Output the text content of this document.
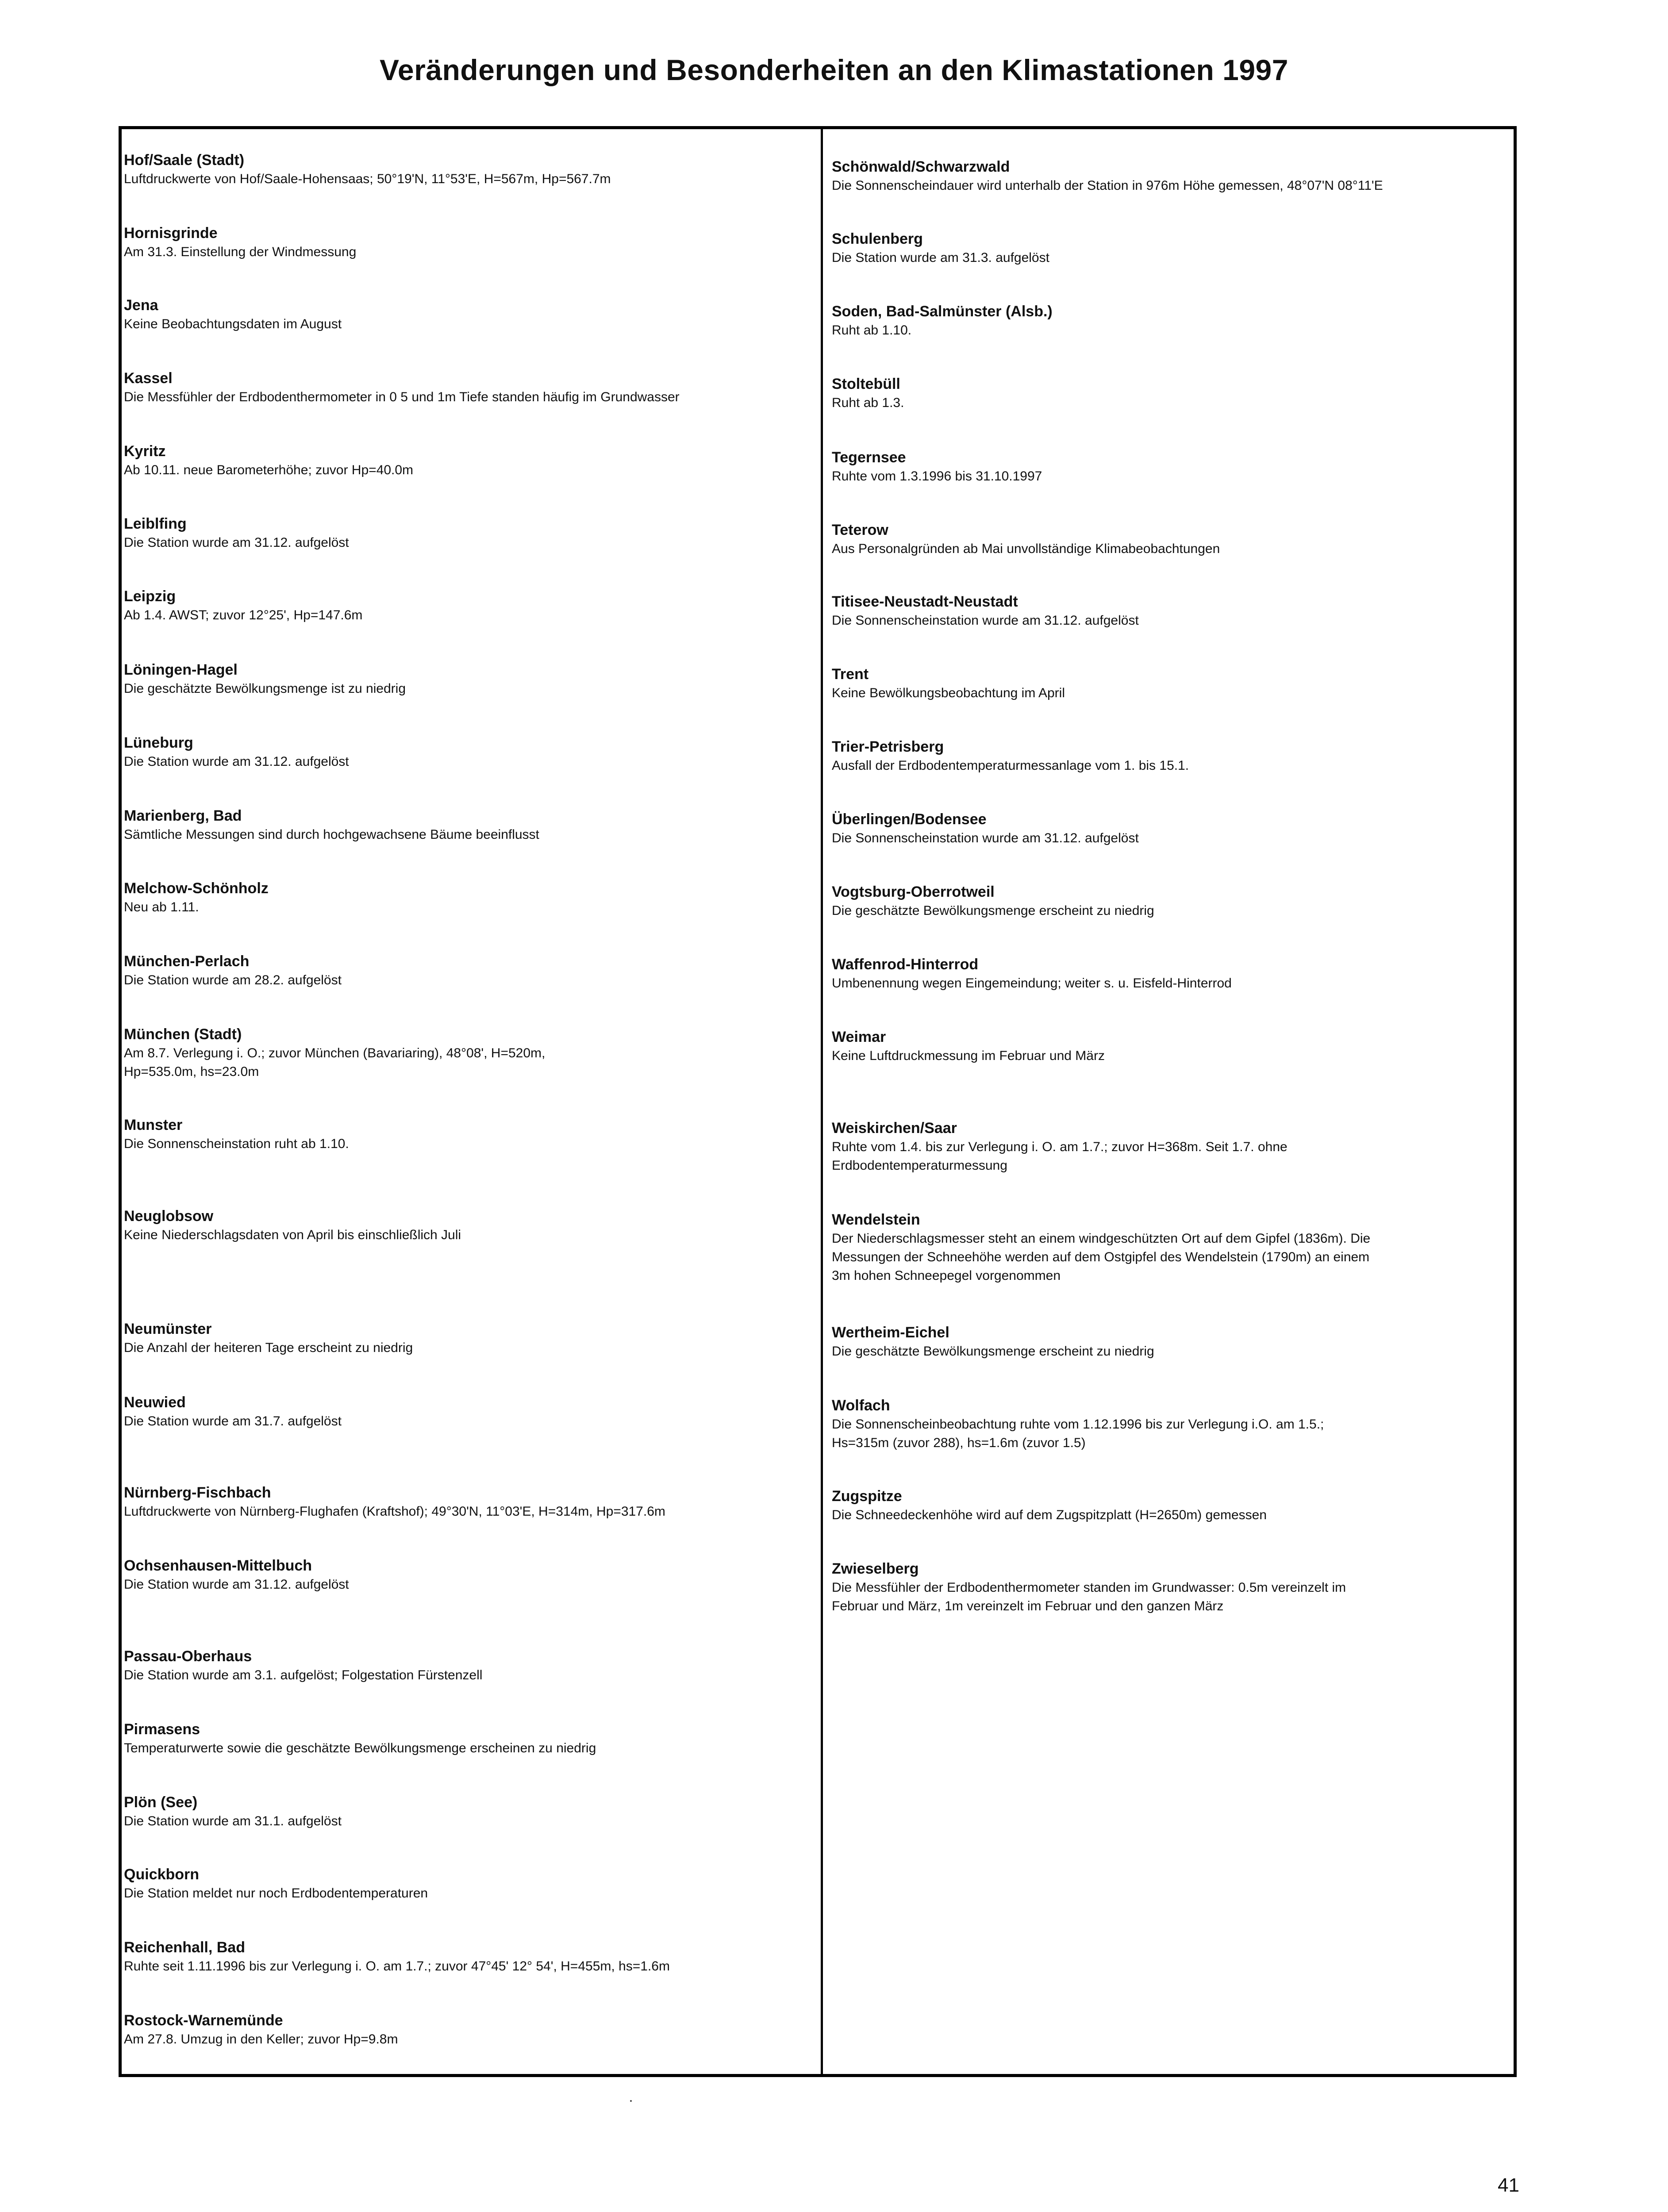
Veränderungen und Besonderheiten an den Klimastationen 1997
Hof/Saale (Stadt)
Luftdruckwerte von Hof/Saale-Hohensaas; 50°19'N, 11°53'E, H=567m, Hp=567.7m
Hornisgrinde
Am 31.3. Einstellung der Windmessung
Jena
Keine Beobachtungsdaten im August
Kassel
Die Messfühler der Erdbodenthermometer in 0 5 und 1m Tiefe standen häufig im Grundwasser
Kyritz
Ab 10.11. neue Barometerhöhe; zuvor Hp=40.0m
Leiblfing
Die Station wurde am 31.12. aufgelöst
Leipzig
Ab 1.4. AWST; zuvor 12°25', Hp=147.6m
Löningen-Hagel
Die geschätzte Bewölkungsmenge ist zu niedrig
Lüneburg
Die Station wurde am 31.12. aufgelöst
Marienberg, Bad
Sämtliche Messungen sind durch hochgewachsene Bäume beeinflusst
Melchow-Schönholz
Neu ab 1.11.
München-Perlach
Die Station wurde am 28.2. aufgelöst
München (Stadt)
Am 8.7. Verlegung i. O.; zuvor München (Bavariaring), 48°08', H=520m,
Hp=535.0m, hs=23.0m
Munster
Die Sonnenscheinstation ruht ab 1.10.
Neuglobsow
Keine Niederschlagsdaten von April bis einschließlich Juli
Neumünster
Die Anzahl der heiteren Tage erscheint zu niedrig
Neuwied
Die Station wurde am 31.7. aufgelöst
Nürnberg-Fischbach
Luftdruckwerte von Nürnberg-Flughafen (Kraftshof); 49°30'N, 11°03'E, H=314m, Hp=317.6m
Ochsenhausen-Mittelbuch
Die Station wurde am 31.12. aufgelöst
Passau-Oberhaus
Die Station wurde am 3.1. aufgelöst; Folgestation Fürstenzell
Pirmasens
Temperaturwerte sowie die geschätzte Bewölkungsmenge erscheinen zu niedrig
Plön (See)
Die Station wurde am 31.1. aufgelöst
Quickborn
Die Station meldet nur noch Erdbodentemperaturen
Reichenhall, Bad
Ruhte seit 1.11.1996 bis zur Verlegung i. O. am 1.7.; zuvor 47°45' 12° 54', H=455m, hs=1.6m
Rostock-Warnemünde
Am 27.8. Umzug in den Keller; zuvor Hp=9.8m
Schönwald/Schwarzwald
Die Sonnenscheindauer wird unterhalb der Station in 976m Höhe gemessen, 48°07'N 08°11'E
Schulenberg
Die Station wurde am 31.3. aufgelöst
Soden, Bad-Salmünster (Alsb.)
Ruht ab 1.10.
Stoltebüll
Ruht ab 1.3.
Tegernsee
Ruhte vom 1.3.1996 bis 31.10.1997
Teterow
Aus Personalgründen ab Mai unvollständige Klimabeobachtungen
Titisee-Neustadt-Neustadt
Die Sonnenscheinstation wurde am 31.12. aufgelöst
Trent
Keine Bewölkungsbeobachtung im April
Trier-Petrisberg
Ausfall der Erdbodentemperaturmessanlage vom 1. bis 15.1.
Überlingen/Bodensee
Die Sonnenscheinstation wurde am 31.12. aufgelöst
Vogtsburg-Oberrotweil
Die geschätzte Bewölkungsmenge erscheint zu niedrig
Waffenrod-Hinterrod
Umbenennung wegen Eingemeindung; weiter s. u. Eisfeld-Hinterrod
Weimar
Keine Luftdruckmessung im Februar und März
Weiskirchen/Saar
Ruhte vom 1.4. bis zur Verlegung i. O. am 1.7.; zuvor H=368m. Seit 1.7. ohne
Erdbodentemperaturmessung
Wendelstein
Der Niederschlagsmesser steht an einem windgeschützten Ort auf dem Gipfel (1836m). Die
Messungen der Schneehöhe werden auf dem Ostgipfel des Wendelstein (1790m) an einem
3m hohen Schneepegel vorgenommen
Wertheim-Eichel
Die geschätzte Bewölkungsmenge erscheint zu niedrig
Wolfach
Die Sonnenscheinbeobachtung ruhte vom 1.12.1996 bis zur Verlegung i.O. am 1.5.;
Hs=315m (zuvor 288), hs=1.6m (zuvor 1.5)
Zugspitze
Die Schneedeckenhöhe wird auf dem Zugspitzplatt (H=2650m) gemessen
Zwieselberg
Die Messfühler der Erdbodenthermometer standen im Grundwasser: 0.5m vereinzelt im
Februar und März, 1m vereinzelt im Februar und den ganzen März
41
